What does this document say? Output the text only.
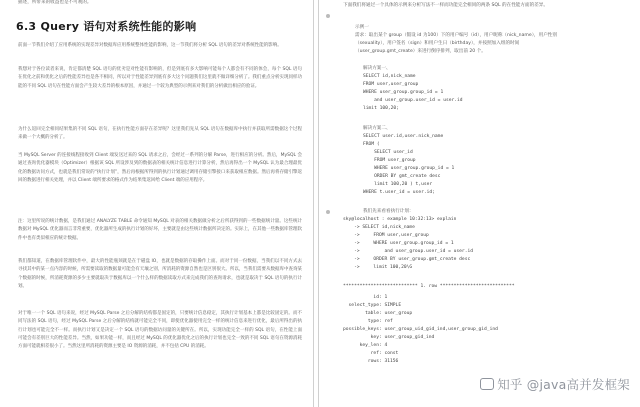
描述，所带来的收益也是不可观的。
6.3 Query 语句对系统性能的影响

前面一节我们介绍了应用系统的实现差异对数据库应用系统整体性能的影响，这一节我们将分析 SQL 语句的差异对系统性能的影响。

我想对于各位读者来说，肯定都清楚 SQL 语句的优劣是对性能有影响的，但是到底有多大影响可能每个人都会有不同的体会，每个 SQL 语句在优化之前和优化之后的性能差异也是各不相同，所以对于性能差异到底有多大这个问题我们这里就不做详细分析了。我们重点分析实现同样功能的不同 SQL 语句在性能方面会产生较大差异的根本原因，并通过一个较为典型的示例来对我们的分析做出相应的验证。

为什么返回完全相同结果集的不同 SQL 语句，在执行性能方面存在差异呢？这里我们先从 SQL 语句在数据库中执行并获取所需数据这个过程来做一个大概的分析了。

当 MySQL Server 的连接线程接收到 Client 端发送过来的 SQL 请求之后，会经过一系列的分解 Parse，进行相应的分析。然后，MySQL 会通过查询优化器模块（Optimizer）根据该 SQL 所设涉及到的数据表的相关统计信息进行计算分析，然后再得出一个 MySQL 认为最合理最优化的数据访问方式，也就是我们常说的“执行计划”，然后再根据所得到的执行计划通过调用存储引擎接口来获取相应数据。然后再将存储引擎返回的数据进行相关处理，并以 Client 端所要求的格式作为结果集返回给 Client 端的应用程序。

注：这里所说的统计数据，是我们通过 ANALYZE TABLE 命令通知 MySQL 对表的相关数据做分析之后所获得到的一些数据统计量。这些统计数据对 MySQL 优化器而言非常重要，优化器所生成的执行计划的好坏，主要就是由这些统计数据所决定的。实际上，在其他一些数据库管理软件中也有类似相应的统计数据。

我们都知道，在数据库管理软件中，最大的性能瓶颈就是在于磁盘 IO，也就是数据的存取操作上面。而对于同一份数据，当我们以不同方式去寻找其中的某一点内容的时候，所需要读取的数据量可能会有天壤之别，所消耗的资源自然也是区别很大。所以，当我们需要从数据库中查询某个数据的时候，所消耗资源的多少主要就取决于数据库以一个什么样的数据读取方式来完成我们的查询请求，也就是取决于 SQL 语句的执行计划。

对于唯一一个 SQL 语句来说，经过 MySQL Parse 之后分解的结构都是固定的，只要统计信息稳定，其执行计划基本上都是比较固定的。而不同写法的 SQL 语句，经过 MySQL Parse 之后分解的结构就可能完全不同，即使优化器使用完全一样的统计信息来进行优化，最后所得出的执行计划也可能完全不一样。而执行计划又是决定一个 SQL 语句的数据访问量的关键所在。所以，实现功能完全一样的 SQL 语句，在性能上面可能会有差别巨大的性能差异。当然，如果功能一样，而且经过 MySQL 的优化器优化之后的执行计划也完全一致的不同 SQL 语句在资源消耗方面可能就相差很小了。当然这里所消耗的资源主要是 IO 资源的消耗，并不包括 CPU 的消耗。

下面我们将通过一个具体的示例来分析写法不一样而功能完全相同的两条 SQL 的在性能方面的差异。
示例一
需求：取出某个 group（假设 id 为100）下的用户编号（id），用户昵称（nick_name），用户性别
（sexuality），用户签名（sign）和用户生日（birthday），并按照加入组的时间
（user_group.gmt_create）来进行倒序排列，取出前 20 个。
解决方案一、
SELECT id,nick_name
FROM user,user_group
WHERE user_group.group_id = 1
and user_group.user_id = user.id
limit 100,20;
解决方案二、
SELECT user.id,user.nick_name
FROM (
SELECT user_id
FROM user_group
WHERE user_group.group_id = 1
ORDER BY gmt_create desc
limit 100,20 ) t,user
WHERE t.user_id = user.id;
我们先来看看执行计划：
sky@localhost : example 10:32:13> explain
-> SELECT id,nick_name
->     FROM user,user_group
->     WHERE user_group.group_id = 1
->         and user_group.user_id = user.id
->     ORDER BY user_group.gmt_create desc
->     limit 100,20\G
*************************** 1. row ***************************
id: 1
select_type: SIMPLE
table: user_group
type: ref
possible_keys: user_group_uid_gid_ind,user_group_gid_ind
key: user_group_gid_ind
key_len: 4
ref: const
rows: 31156
知乎 @java高并发框架
